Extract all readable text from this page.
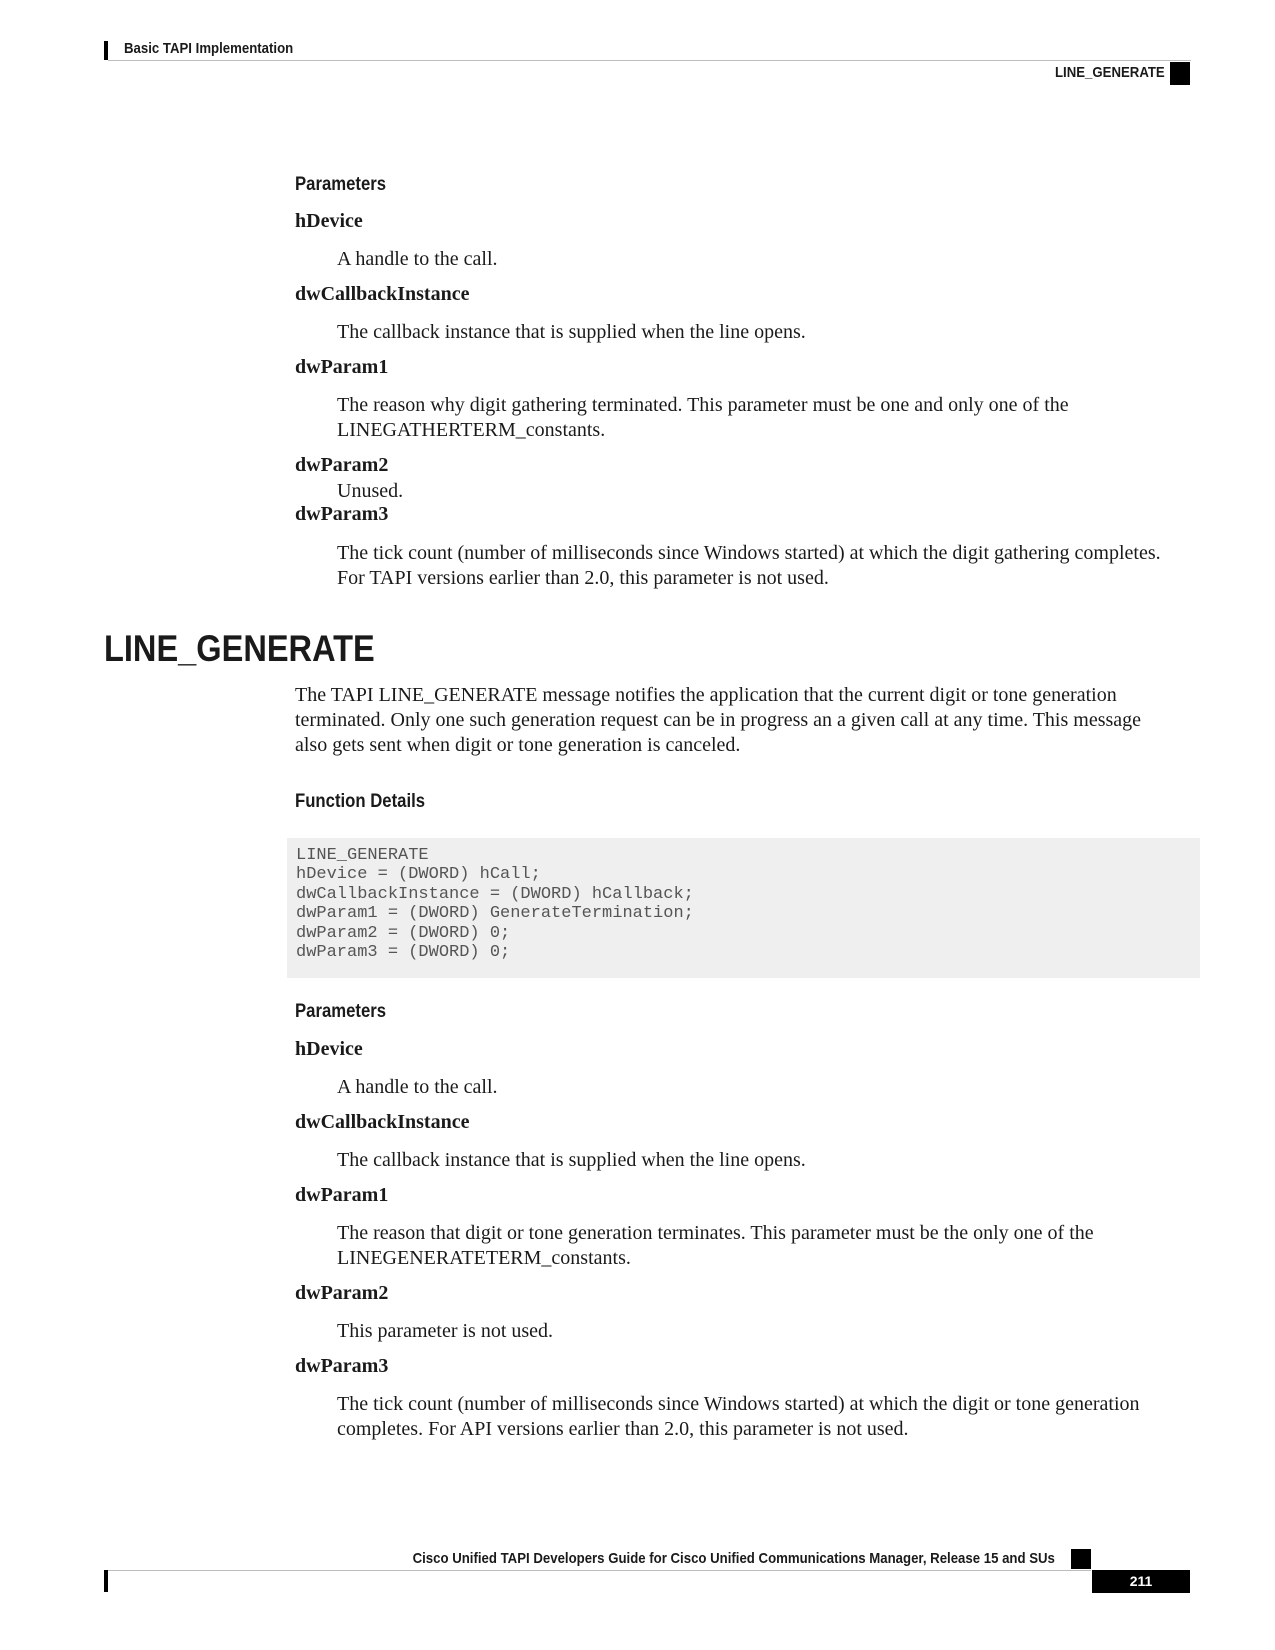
Basic TAPI Implementation
LINE_GENERATE
Parameters
hDevice
A handle to the call.
dwCallbackInstance
The callback instance that is supplied when the line opens.
dwParam1
The reason why digit gathering terminated. This parameter must be one and only one of the
LINEGATHERTERM_constants.
dwParam2
Unused.
dwParam3
The tick count (number of milliseconds since Windows started) at which the digit gathering completes.
For TAPI versions earlier than 2.0, this parameter is not used.
LINE_GENERATE
The TAPI LINE_GENERATE message notifies the application that the current digit or tone generation
terminated. Only one such generation request can be in progress an a given call at any time. This message
also gets sent when digit or tone generation is canceled.
Function Details
LINE_GENERATE
hDevice = (DWORD) hCall;
dwCallbackInstance = (DWORD) hCallback;
dwParam1 = (DWORD) GenerateTermination;
dwParam2 = (DWORD) 0;
dwParam3 = (DWORD) 0;
Parameters
hDevice
A handle to the call.
dwCallbackInstance
The callback instance that is supplied when the line opens.
dwParam1
The reason that digit or tone generation terminates. This parameter must be the only one of the
LINEGENERATETERM_constants.
dwParam2
This parameter is not used.
dwParam3
The tick count (number of milliseconds since Windows started) at which the digit or tone generation
completes. For API versions earlier than 2.0, this parameter is not used.
Cisco Unified TAPI Developers Guide for Cisco Unified Communications Manager, Release 15 and SUs
211
